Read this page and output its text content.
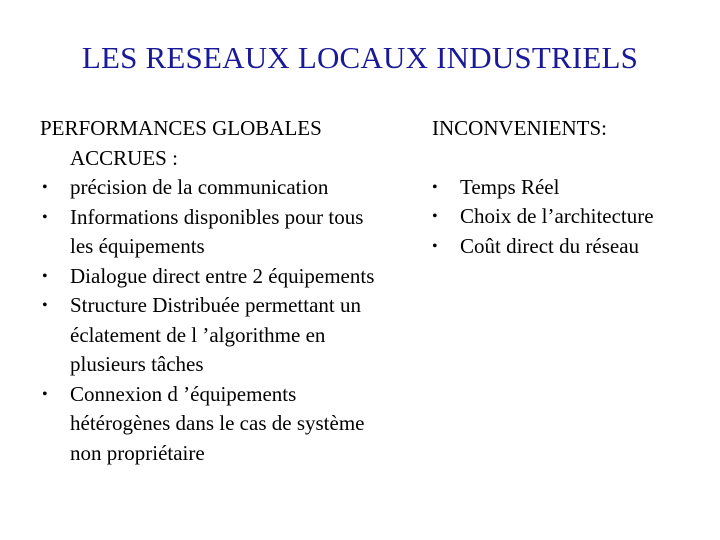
LES RESEAUX LOCAUX INDUSTRIELS
PERFORMANCES GLOBALES
ACCRUES :
• précision de la communication
• Informations disponibles pour tous
les équipements
• Dialogue direct entre 2 équipements
• Structure Distribuée permettant un
éclatement de l ’algorithme en
plusieurs tâches
• Connexion d ’équipements
hétérogènes dans le cas de système
non propriétaire
INCONVENIENTS:
• Temps Réel
• Choix de l’architecture
• Coût direct du réseau
